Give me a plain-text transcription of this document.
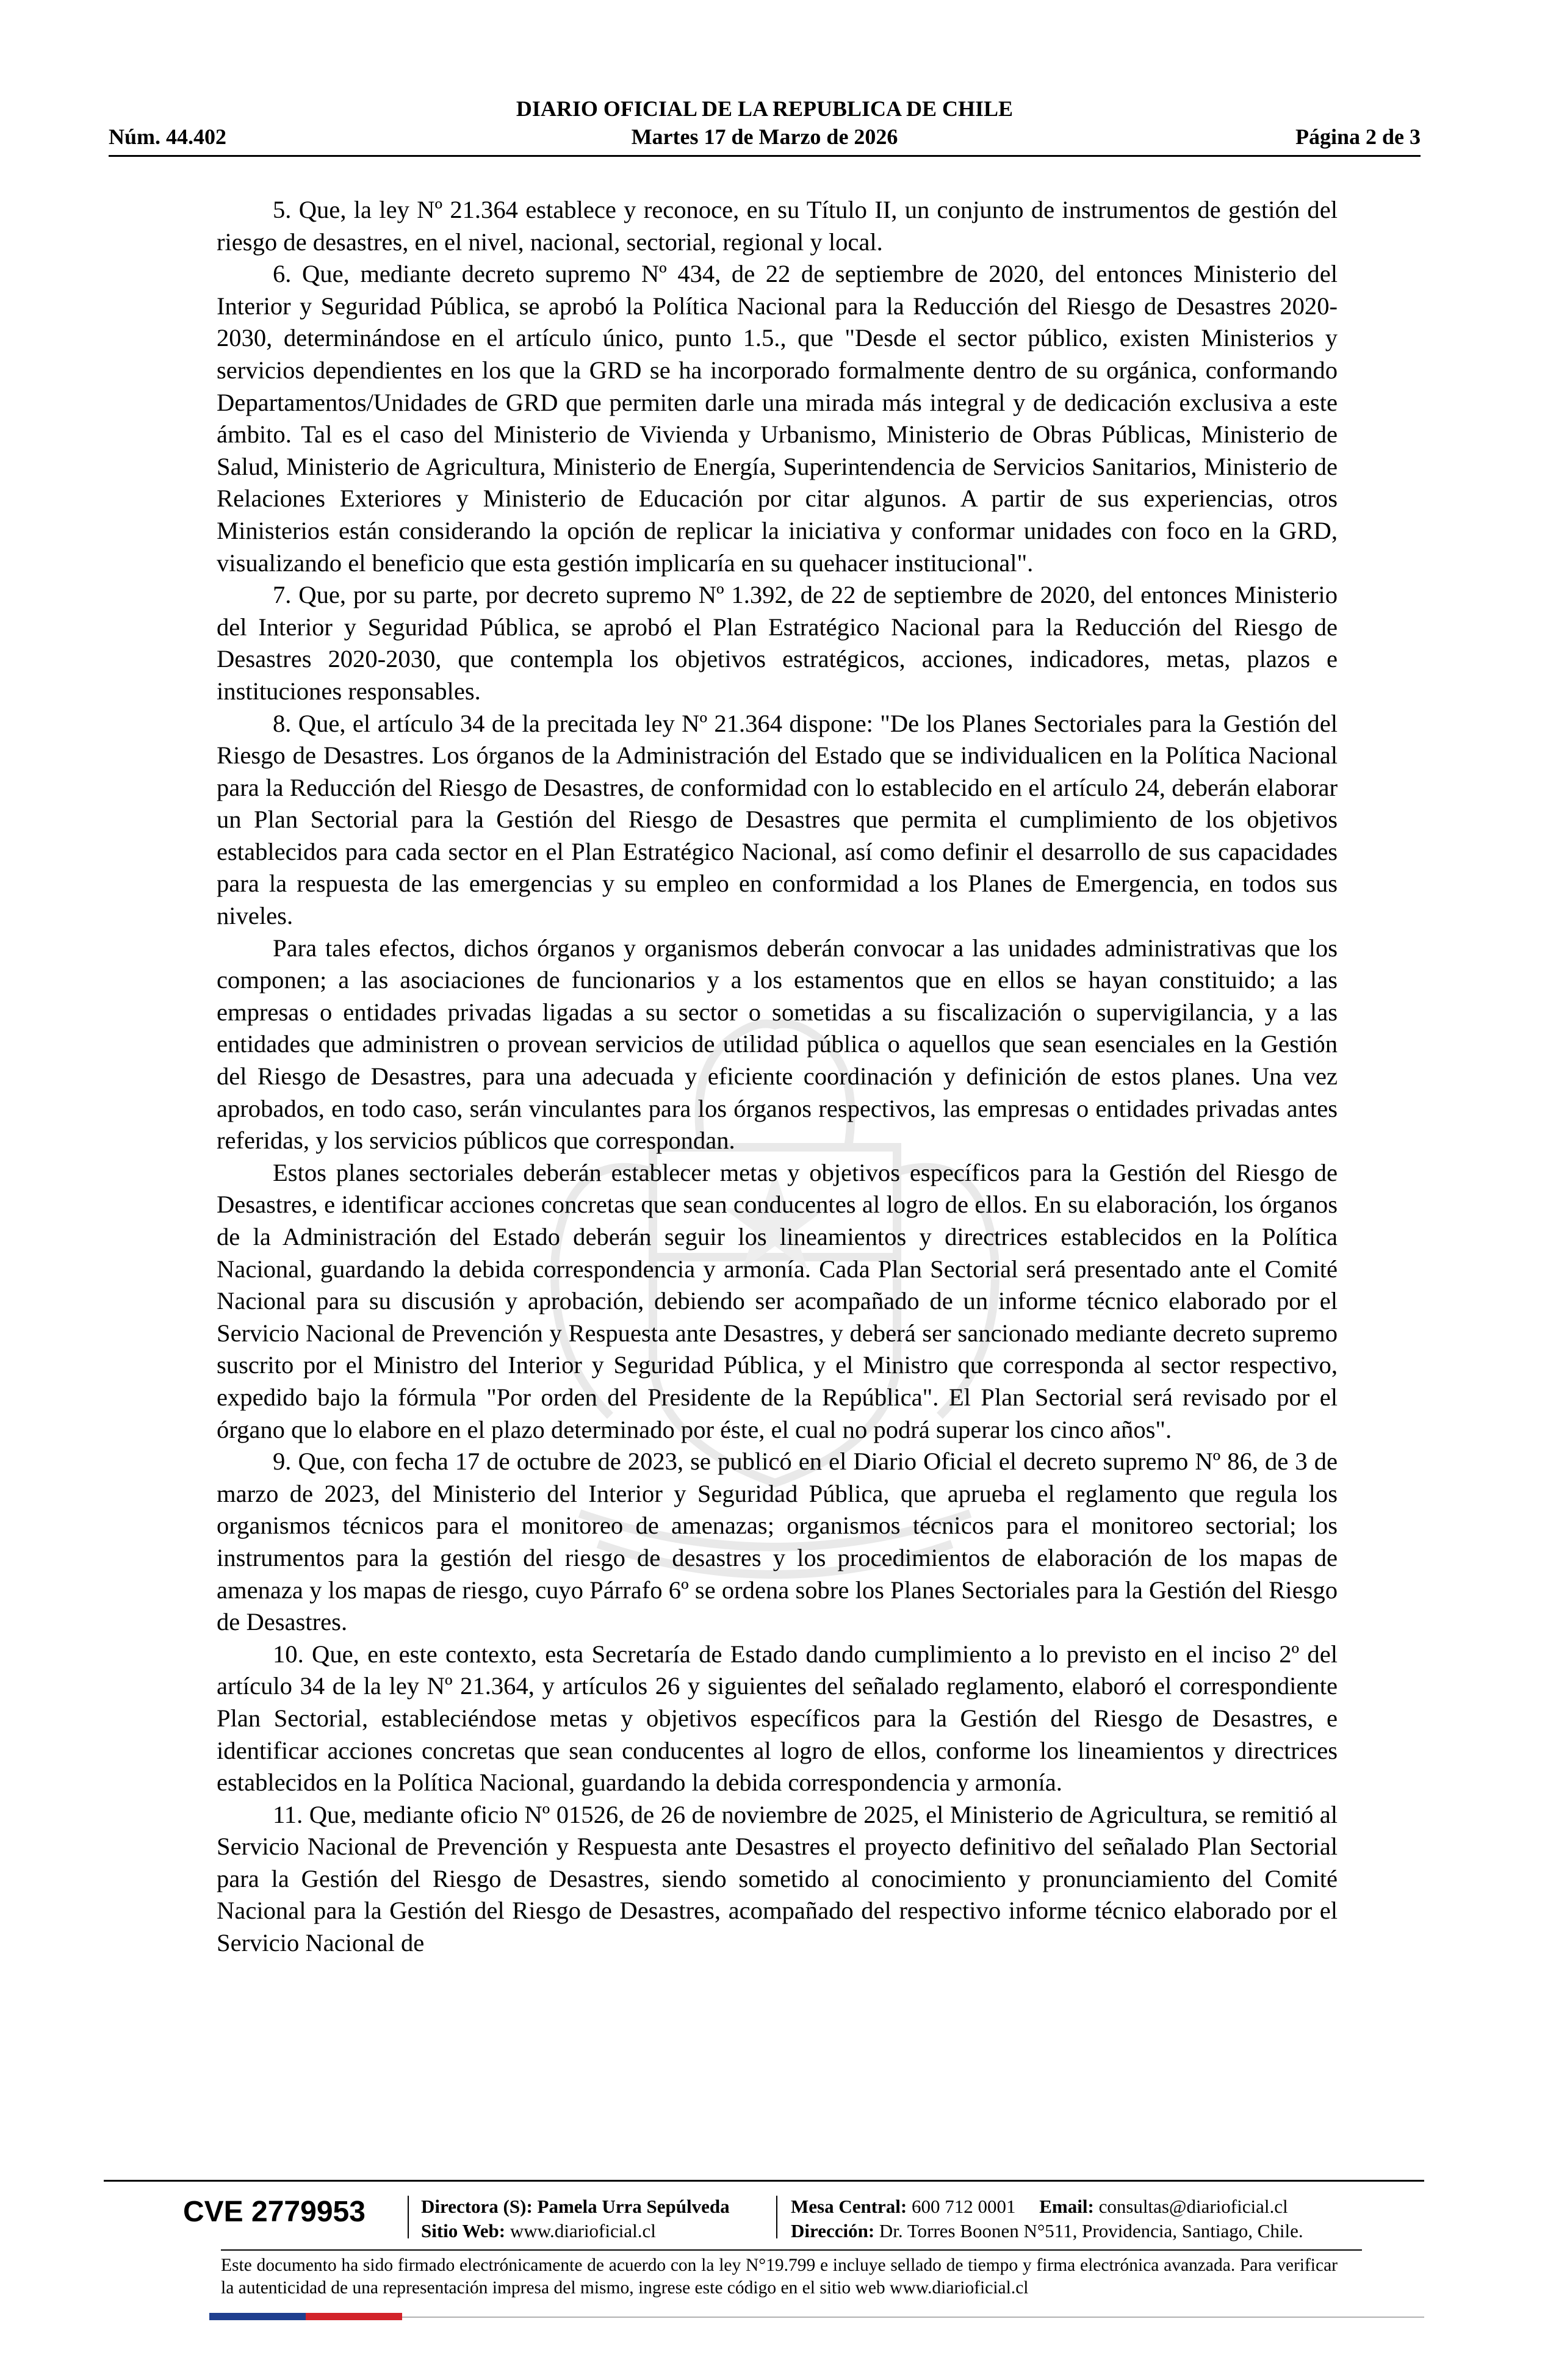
DIARIO OFICIAL DE LA REPUBLICA DE CHILE
Núm. 44.402	Martes 17 de Marzo de 2026	Página 2 de 3

5. Que, la ley Nº 21.364 establece y reconoce, en su Título II, un conjunto de instrumentos de gestión del riesgo de desastres, en el nivel, nacional, sectorial, regional y local.

6. Que, mediante decreto supremo Nº 434, de 22 de septiembre de 2020, del entonces Ministerio del Interior y Seguridad Pública, se aprobó la Política Nacional para la Reducción del Riesgo de Desastres 2020-2030, determinándose en el artículo único, punto 1.5., que "Desde el sector público, existen Ministerios y servicios dependientes en los que la GRD se ha incorporado formalmente dentro de su orgánica, conformando Departamentos/Unidades de GRD que permiten darle una mirada más integral y de dedicación exclusiva a este ámbito. Tal es el caso del Ministerio de Vivienda y Urbanismo, Ministerio de Obras Públicas, Ministerio de Salud, Ministerio de Agricultura, Ministerio de Energía, Superintendencia de Servicios Sanitarios, Ministerio de Relaciones Exteriores y Ministerio de Educación por citar algunos. A partir de sus experiencias, otros Ministerios están considerando la opción de replicar la iniciativa y conformar unidades con foco en la GRD, visualizando el beneficio que esta gestión implicaría en su quehacer institucional".

7. Que, por su parte, por decreto supremo Nº 1.392, de 22 de septiembre de 2020, del entonces Ministerio del Interior y Seguridad Pública, se aprobó el Plan Estratégico Nacional para la Reducción del Riesgo de Desastres 2020-2030, que contempla los objetivos estratégicos, acciones, indicadores, metas, plazos e instituciones responsables.

8. Que, el artículo 34 de la precitada ley Nº 21.364 dispone: "De los Planes Sectoriales para la Gestión del Riesgo de Desastres. Los órganos de la Administración del Estado que se individualicen en la Política Nacional para la Reducción del Riesgo de Desastres, de conformidad con lo establecido en el artículo 24, deberán elaborar un Plan Sectorial para la Gestión del Riesgo de Desastres que permita el cumplimiento de los objetivos establecidos para cada sector en el Plan Estratégico Nacional, así como definir el desarrollo de sus capacidades para la respuesta de las emergencias y su empleo en conformidad a los Planes de Emergencia, en todos sus niveles.

Para tales efectos, dichos órganos y organismos deberán convocar a las unidades administrativas que los componen; a las asociaciones de funcionarios y a los estamentos que en ellos se hayan constituido; a las empresas o entidades privadas ligadas a su sector o sometidas a su fiscalización o supervigilancia, y a las entidades que administren o provean servicios de utilidad pública o aquellos que sean esenciales en la Gestión del Riesgo de Desastres, para una adecuada y eficiente coordinación y definición de estos planes. Una vez aprobados, en todo caso, serán vinculantes para los órganos respectivos, las empresas o entidades privadas antes referidas, y los servicios públicos que correspondan.

Estos planes sectoriales deberán establecer metas y objetivos específicos para la Gestión del Riesgo de Desastres, e identificar acciones concretas que sean conducentes al logro de ellos. En su elaboración, los órganos de la Administración del Estado deberán seguir los lineamientos y directrices establecidos en la Política Nacional, guardando la debida correspondencia y armonía. Cada Plan Sectorial será presentado ante el Comité Nacional para su discusión y aprobación, debiendo ser acompañado de un informe técnico elaborado por el Servicio Nacional de Prevención y Respuesta ante Desastres, y deberá ser sancionado mediante decreto supremo suscrito por el Ministro del Interior y Seguridad Pública, y el Ministro que corresponda al sector respectivo, expedido bajo la fórmula "Por orden del Presidente de la República". El Plan Sectorial será revisado por el órgano que lo elabore en el plazo determinado por éste, el cual no podrá superar los cinco años".

9. Que, con fecha 17 de octubre de 2023, se publicó en el Diario Oficial el decreto supremo Nº 86, de 3 de marzo de 2023, del Ministerio del Interior y Seguridad Pública, que aprueba el reglamento que regula los organismos técnicos para el monitoreo de amenazas; organismos técnicos para el monitoreo sectorial; los instrumentos para la gestión del riesgo de desastres y los procedimientos de elaboración de los mapas de amenaza y los mapas de riesgo, cuyo Párrafo 6º se ordena sobre los Planes Sectoriales para la Gestión del Riesgo de Desastres.

10. Que, en este contexto, esta Secretaría de Estado dando cumplimiento a lo previsto en el inciso 2º del artículo 34 de la ley Nº 21.364, y artículos 26 y siguientes del señalado reglamento, elaboró el correspondiente Plan Sectorial, estableciéndose metas y objetivos específicos para la Gestión del Riesgo de Desastres, e identificar acciones concretas que sean conducentes al logro de ellos, conforme los lineamientos y directrices establecidos en la Política Nacional, guardando la debida correspondencia y armonía.

11. Que, mediante oficio Nº 01526, de 26 de noviembre de 2025, el Ministerio de Agricultura, se remitió al Servicio Nacional de Prevención y Respuesta ante Desastres el proyecto definitivo del señalado Plan Sectorial para la Gestión del Riesgo de Desastres, siendo sometido al conocimiento y pronunciamiento del Comité Nacional para la Gestión del Riesgo de Desastres, acompañado del respectivo informe técnico elaborado por el Servicio Nacional de

CVE 2779953	Directora (S): Pamela Urra Sepúlveda
Sitio Web: www.diarioficial.cl
Mesa Central: 600 712 0001 Email: consultas@diarioficial.cl
Dirección: Dr. Torres Boonen N°511, Providencia, Santiago, Chile.
Este documento ha sido firmado electrónicamente de acuerdo con la ley N°19.799 e incluye sellado de tiempo y firma electrónica avanzada. Para verificar la autenticidad de una representación impresa del mismo, ingrese este código en el sitio web www.diarioficial.cl
